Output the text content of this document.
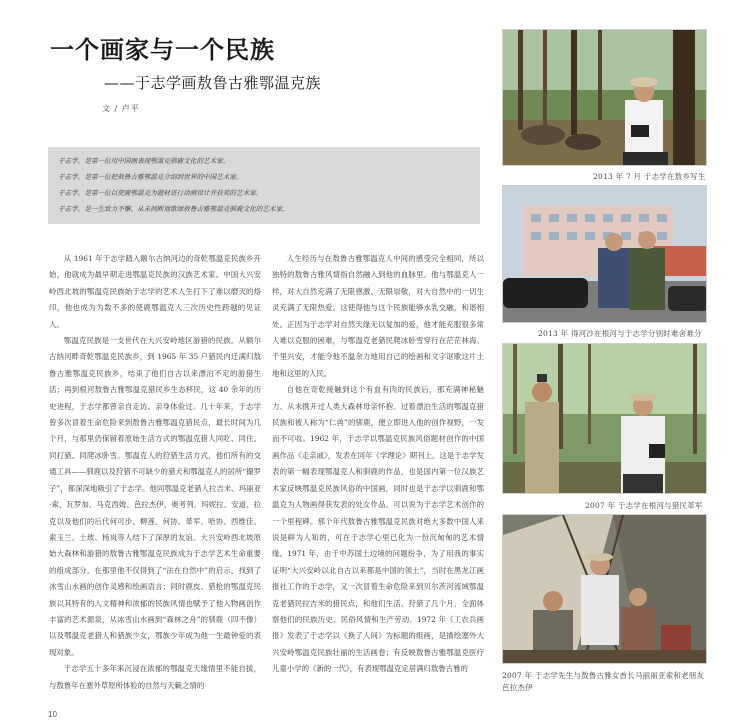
一个画家与一个民族
——于志学画敖鲁古雅鄂温克族
文 / 卢平
于志学，是第一位用中国画表现鄂温克驯鹿文化的艺术家。
于志学，是第一位把敖鲁古雅鄂温克介绍到世界的中国艺术家。
于志学，是第一位以使鹿鄂温克为题材进行动画设计并获奖的艺术家。
于志学，是一生致力不懈、从未间断地歌颂敖鲁古雅鄂温克驯鹿文化的艺术家。

从 1961 年于志学踏入额尔古纳河边的奇乾鄂温克民族乡开始，他就成为最早期走进鄂温克民族的汉族艺术家。中国大兴安岭西北坡的鄂温克民族始于志学的艺术人生打下了难以磨灭的烙印，他也成为为数不多的使鹿鄂温克人三次历史性跨越的见证人。

鄂温克民族是一支世代在大兴安岭地区游猎的民族。从额尔古纳河畔奇乾鄂温克民族乡，到 1965 年 35 户猎民内迁满归敖鲁古雅鄂温克民族乡，结束了他们自古以来漂泊不定的游猎生活；再到根河敖鲁古雅鄂温克猎民乡生态移民，这 40 余年的历史进程，于志学都曾亲自走访、亲身体验过。几十年来，于志学曾多次冒着生命危险来到敖鲁古雅鄂温克猎民点，最长时间为几个月，与那里仍保留着原始生活方式的鄂温克猎人同吃、同住、同打猎、同爬冰卧雪。鄂温克人的狩猎生活方式，他们所有的交通工具——驯鹿以及狩猎不可缺少的猎犬和鄂温克人的居所“撮罗子”，都深深地吸引了于志学。他同鄂温克老猎人拉吉米、玛丽亚·索、瓦罗加、马克西姆、芭拉杰伊、奥考列、玛妮拉、安道、拉克以及他们的后代何可步、柳莲、何协、革军、哈协、西维佳、索玉兰、土玻、杨岚等人结下了深厚的友谊。大兴安岭西北坡原始大森林和游猎的敖鲁古雅鄂温克民族成为于志学艺术生命重要的组成部分，在那里他不仅得到了“法在自然中”的启示，找到了冰雪山水画的创作灵感和绘画语言；同时鹿皮、猎枪的鄂温克民族以其特有的人文精神和浓郁的民族风情也赋予了他入物画创作丰富的艺术源泉，从冰雪山水画到“森林之舟”的驯鹿（四不像）以及鄂温克老猎人和猎族少女，鄂族少年成为他一生最钟爱的表现对象。

于志学五十多年来沉浸在浓郁的鄂温克天缘情里不能自拔，与敖鲁年在塞外草原所体验的自然与天籁之情的

人生经历与在敖鲁古雅鄂温克人中间的感受完全相同，所以独特的敖鲁古雅风情指自然融入到他的血脉里。他与鄂温克人一样，对大自然充满了无限感激、无限崇敬，对大自然中的一切生灵充满了无限热爱。这使得他与这个民族能够水乳交融，和谐相处。正因为于志学对自然天缘无以复加的爱，他才能充服很多常人难以克服的困难，与鄂温克老猎民爬冰卧雪穿行在茫茫林海、千里兴安，才能令他不温余力地用自己的绘画和文字讴歌这片土地和这里的人民。

自他在奇乾接触到这个有血有肉的民族后，那充满神秘魅力、从未携开过人类大森林母亲怀抱、过着漂泊生活的鄂温克猎民族和被人称为“仁兽”的驯鹿，便立即进入他的创作视野，一发而不可收。1962 年，于志学以鄂温克民族风俗题材创作的中国画作品《走亲戚》，发表在同年《学理论》期刊上。这是于志学发表的第一幅表现鄂温克人和驯鹿的作品，也是国内第一位汉族艺术家反映鄂温克民族风俗的中国画，同时也是于志学以驯鹿和鄂温克为人物画得获发表的处女作品。可以说为于志学艺术创作的一个里程碑。那个年代敖鲁古雅鄂温克民族对绝大多数中国人来说是鲜为人知的，可在于志学心里已化为一份沉甸甸的艺术情缘。1971 年，由于中苏国土边境的问题纷争，为了用我的事实证明“大兴安岭以北自古以来都是中国的领土”，当时在黑龙江画报社工作的于志学，又一次冒着生命危险来到贝尔茨河流域鄂温克老猎民拉吉米的猎民点，和他们生活、狩猎了几个月，全面体察他们的民族历史、民俗风情和生产劳动。1972 年《工农兵画报》发表了于志学以《换了人间》为标题的组画，是描绘塞外大兴安岭鄂温克民族壮丽的生活画卷；有反映敖鲁古雅鄂温克医疗儿童小学的《新的一代》，有表现鄂温克定居满归敖鲁古雅的

2013 年 7 月 于志学在敖乡写生
2013 年 得河沙在根河与于志学分别时难舍难分
2007 年 于志学在根河与猎民革军
2007 年 于志学先生与敖鲁古雅女酋长马丽丽亚索和老朋友芭拉杰伊
10
